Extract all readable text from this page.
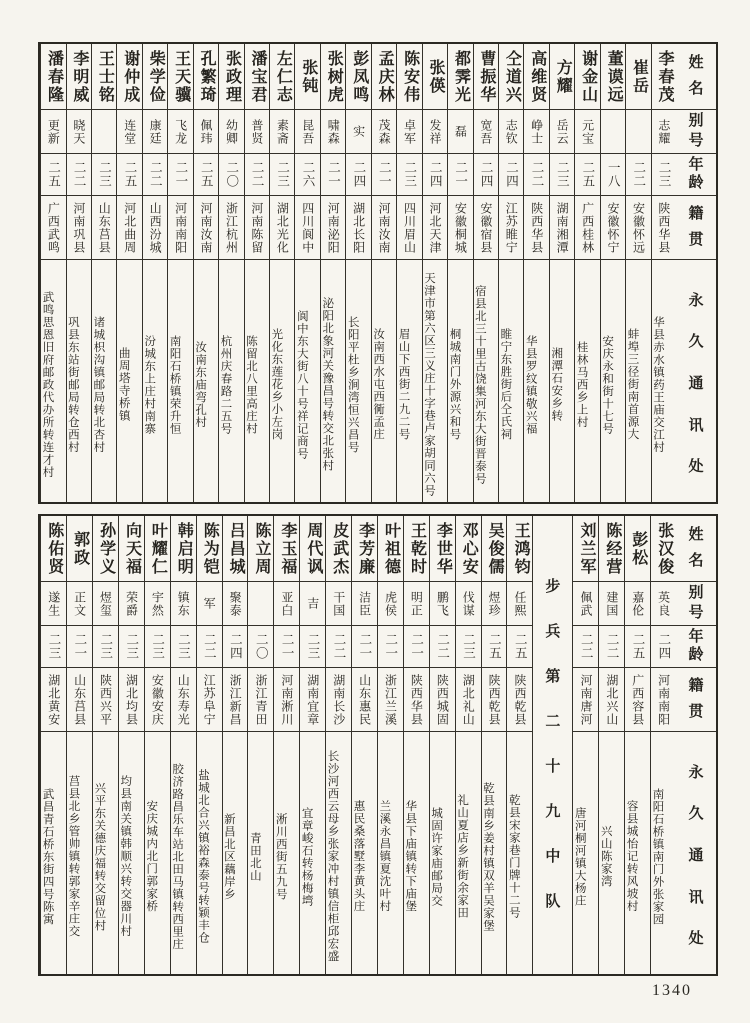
姓
名
别
号
年
龄
籍
贯
永
久
通
讯
处
李春茂
志耀
二三
陕西华县
华县赤水镇药王庙交江村
崔岳
二二
安徽怀远
蚌埠三径街南首源大
董谟远
一八
安徽怀宁
安庆永和街十七号
谢金山
元宝
二五
广西桂林
桂林马西乡上村
方耀
岳云
二三
湖南湘潭
湘潭石安乡转
高维贤
峥士
二二
陕西华县
华县罗纹镇敬兴福
仝道兴
志钦
二四
江苏睢宁
睢宁东胜街后仝氏祠
曹振华
宽吾
二四
安徽宿县
宿县北三十里古饶集河东大街晋泰号
都霁光
磊
二一
安徽桐城
桐城南门外源兴和号
张偀
发祥
二四
河北天津
天津市第六区三义庄十字巷卢家胡同六号
陈安伟
卓军
二三
四川眉山
眉山下西街二九二号
孟庆林
茂森
二一
河南汝南
汝南西水屯西衕孟庄
彭凤鸣
实
二四
湖北长阳
长阳平杜乡涧湾恒兴昌号
张树虎
啸森
二一
河南泌阳
泌阳北象河关豫昌号转交北张村
张钝
昆吾
二六
四川阆中
阆中东大街八十号祥记商号
左仁志
素斋
二三
湖北光化
光化东莲花乡小左岗
潘宝君
普贤
二二
河南陈留
陈留北八里高庄村
张政理
幼卿
二〇
浙江杭州
杭州庆春路二五号
孔繁琦
佩玮
二五
河南汝南
汝南东庙弯孔村
王天骥
飞龙
二一
河南南阳
南阳石桥镇荣升恒
柴学俭
康廷
二二
山西汾城
汾城东上庄村南寨
谢仲成
连堂
二五
河北曲周
曲周塔寺桥镇
王士铭
二三
山东莒县
诸城枳沟镇邮局转北杏村
李明威
晓天
二二
河南巩县
巩县东站街邮局转仓西村
潘春隆
更新
二五
广西武鸣
武鸣思恩旧府邮政代办所转连才村
姓
名
别
号
年
龄
籍
贯
永
久
通
讯
处
张汉俊
英良
二四
河南南阳
南阳石桥镇南门外张家园
彭松
嘉伦
二五
广西容县
容县城怡记转风坡村
陈经营
建国
二二
湖北兴山
兴山陈家湾
刘兰军
佩武
二二
河南唐河
唐河桐河镇大杨庄
步
兵
第
二
十
九
中
队
王鸿钧
任熙
二五
陕西乾县
乾县宋家巷门牌十二号
吴俊儒
煜珍
二五
陕西乾县
乾县南乡姜村镇双羊吴家堡
邓心安
伐谋
二三
湖北礼山
礼山夏店乡新街余家田
李世华
鹏飞
二二
陕西城固
城固许家庙邮局交
王乾时
明正
二一
陕西华县
华县下庙镇转下庙堡
叶祖德
虎侯
二一
浙江兰溪
兰溪永昌镇夏沈叶村
李芳廉
洁臣
二一
山东惠民
惠民桑落墅李黄头庄
皮武杰
干国
二二
湖南长沙
长沙河西云母乡张家冲村镇信柜邱宏盛
周代讽
吉
二三
湖南宜章
宜章峻石转杨梅塆
李玉福
亚白
二一
河南淅川
淅川西街五九号
陈立周
二〇
浙江青田
青田北山
吕昌城
聚泰
二四
浙江新昌
新昌北区藕岸乡
陈为铠
军
二二
江苏阜宁
盐城北合兴镇裕森泰号转颖丰仓
韩启明
镇东
二三
山东寿光
胶济路昌乐车站北田马镇转西里庄
叶耀仁
宇然
二三
安徽安庆
安庆城内北门郭家桥
向天福
荣爵
二三
湖北均县
均县南关镇韩顺兴转交器川村
孙学义
煜玺
二三
陕西兴平
兴平东关德庆福转交留位村
郭政
正文
二一
山东莒县
莒县北乡管帅镇转郭家辛庄交
陈佑贤
遂生
二三
湖北黄安
武昌青石桥东街四号陈寓
1340
